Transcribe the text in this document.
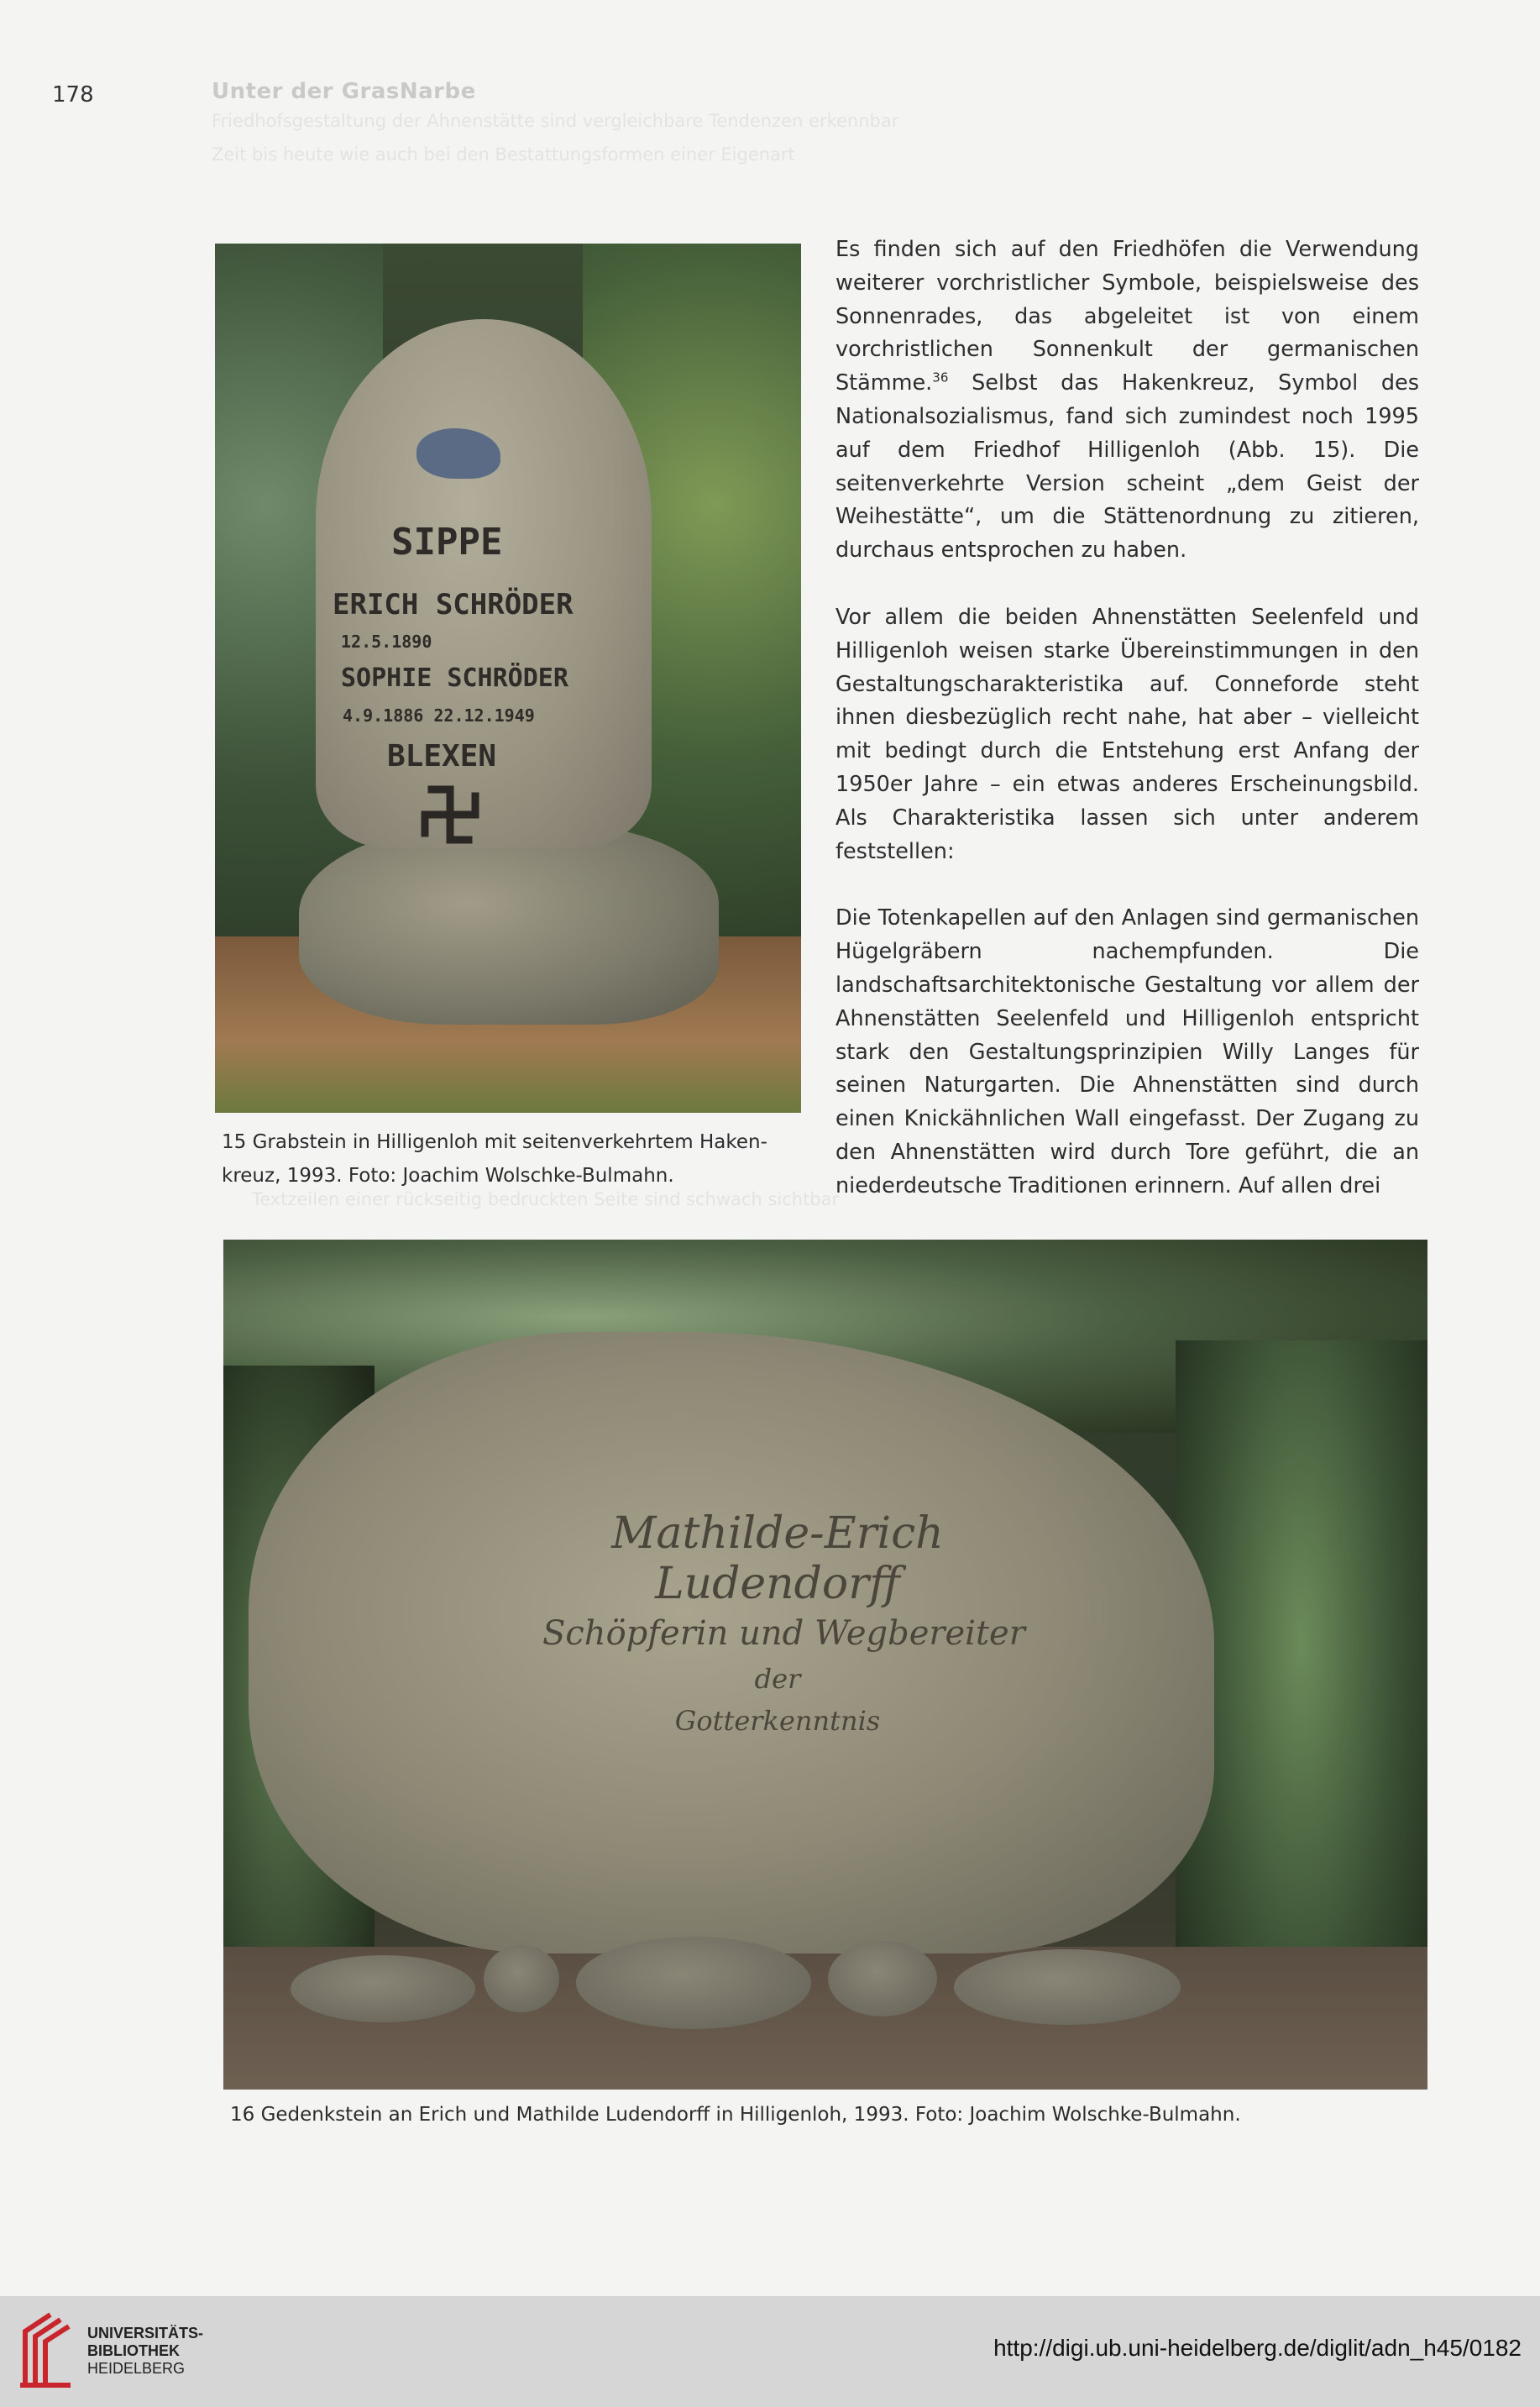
178	Unter der GrasNarbe
Friedhofsgestaltung der Ahnenstätte sind vergleichbare Tendenzen erkennbar
Zeit bis heute wie auch bei den Bestattungsformen einer Eigenart
Textzeilen einer rückseitig bedruckten Seite sind schwach sichtbar
SIPPE
ERICH SCHRÖDER
12.5.1890
SOPHIE SCHRÖDER
4.9.1886 22.12.1949
BLEXEN
15 Grabstein in Hilligenloh mit seitenverkehrtem Haken-
kreuz, 1993. Foto: Joachim Wolschke-Bulmahn.

Es finden sich auf den Friedhöfen die Verwendung weiterer vorchristlicher Symbole, beispielsweise des Sonnenrades, das abgeleitet ist von einem vorchristlichen Sonnenkult der germanischen Stämme.$^{36}$ Selbst das Hakenkreuz, Symbol des Nationalsozialismus, fand sich zumindest noch 1995 auf dem Friedhof Hilligenloh (Abb. 15). Die seitenverkehrte Version scheint „dem Geist der Weihestätte“, um die Stättenordnung zu zitieren, durchaus entsprochen zu haben.

Vor allem die beiden Ahnenstätten Seelenfeld und Hilligenloh weisen starke Übereinstimmungen in den Gestaltungscharakteristika auf. Conneforde steht ihnen diesbezüglich recht nahe, hat aber – vielleicht mit bedingt durch die Entstehung erst Anfang der 1950er Jahre – ein etwas anderes Erscheinungsbild. Als Charakteristika lassen sich unter anderem feststellen:

Die Totenkapellen auf den Anlagen sind germanischen Hügelgräbern nachempfunden. Die landschaftsarchitektonische Gestaltung vor allem der Ahnenstätten Seelenfeld und Hilligenloh entspricht stark den Gestaltungsprinzipien Willy Langes für seinen Naturgarten. Die Ahnenstätten sind durch einen Knickähnlichen Wall eingefasst. Der Zugang zu den Ahnenstätten wird durch Tore geführt, die an niederdeutsche Traditionen erinnern. Auf allen drei

Mathilde-Erich
Ludendorff
Schöpferin und Wegbereiter
der
Gotterkenntnis
16 Gedenkstein an Erich und Mathilde Ludendorff in Hilligenloh, 1993. Foto: Joachim Wolschke-Bulmahn.
UNIVERSITÄTS-
BIBLIOTHEK
HEIDELBERG
http://digi.ub.uni-heidelberg.de/diglit/adn_h45/0182
